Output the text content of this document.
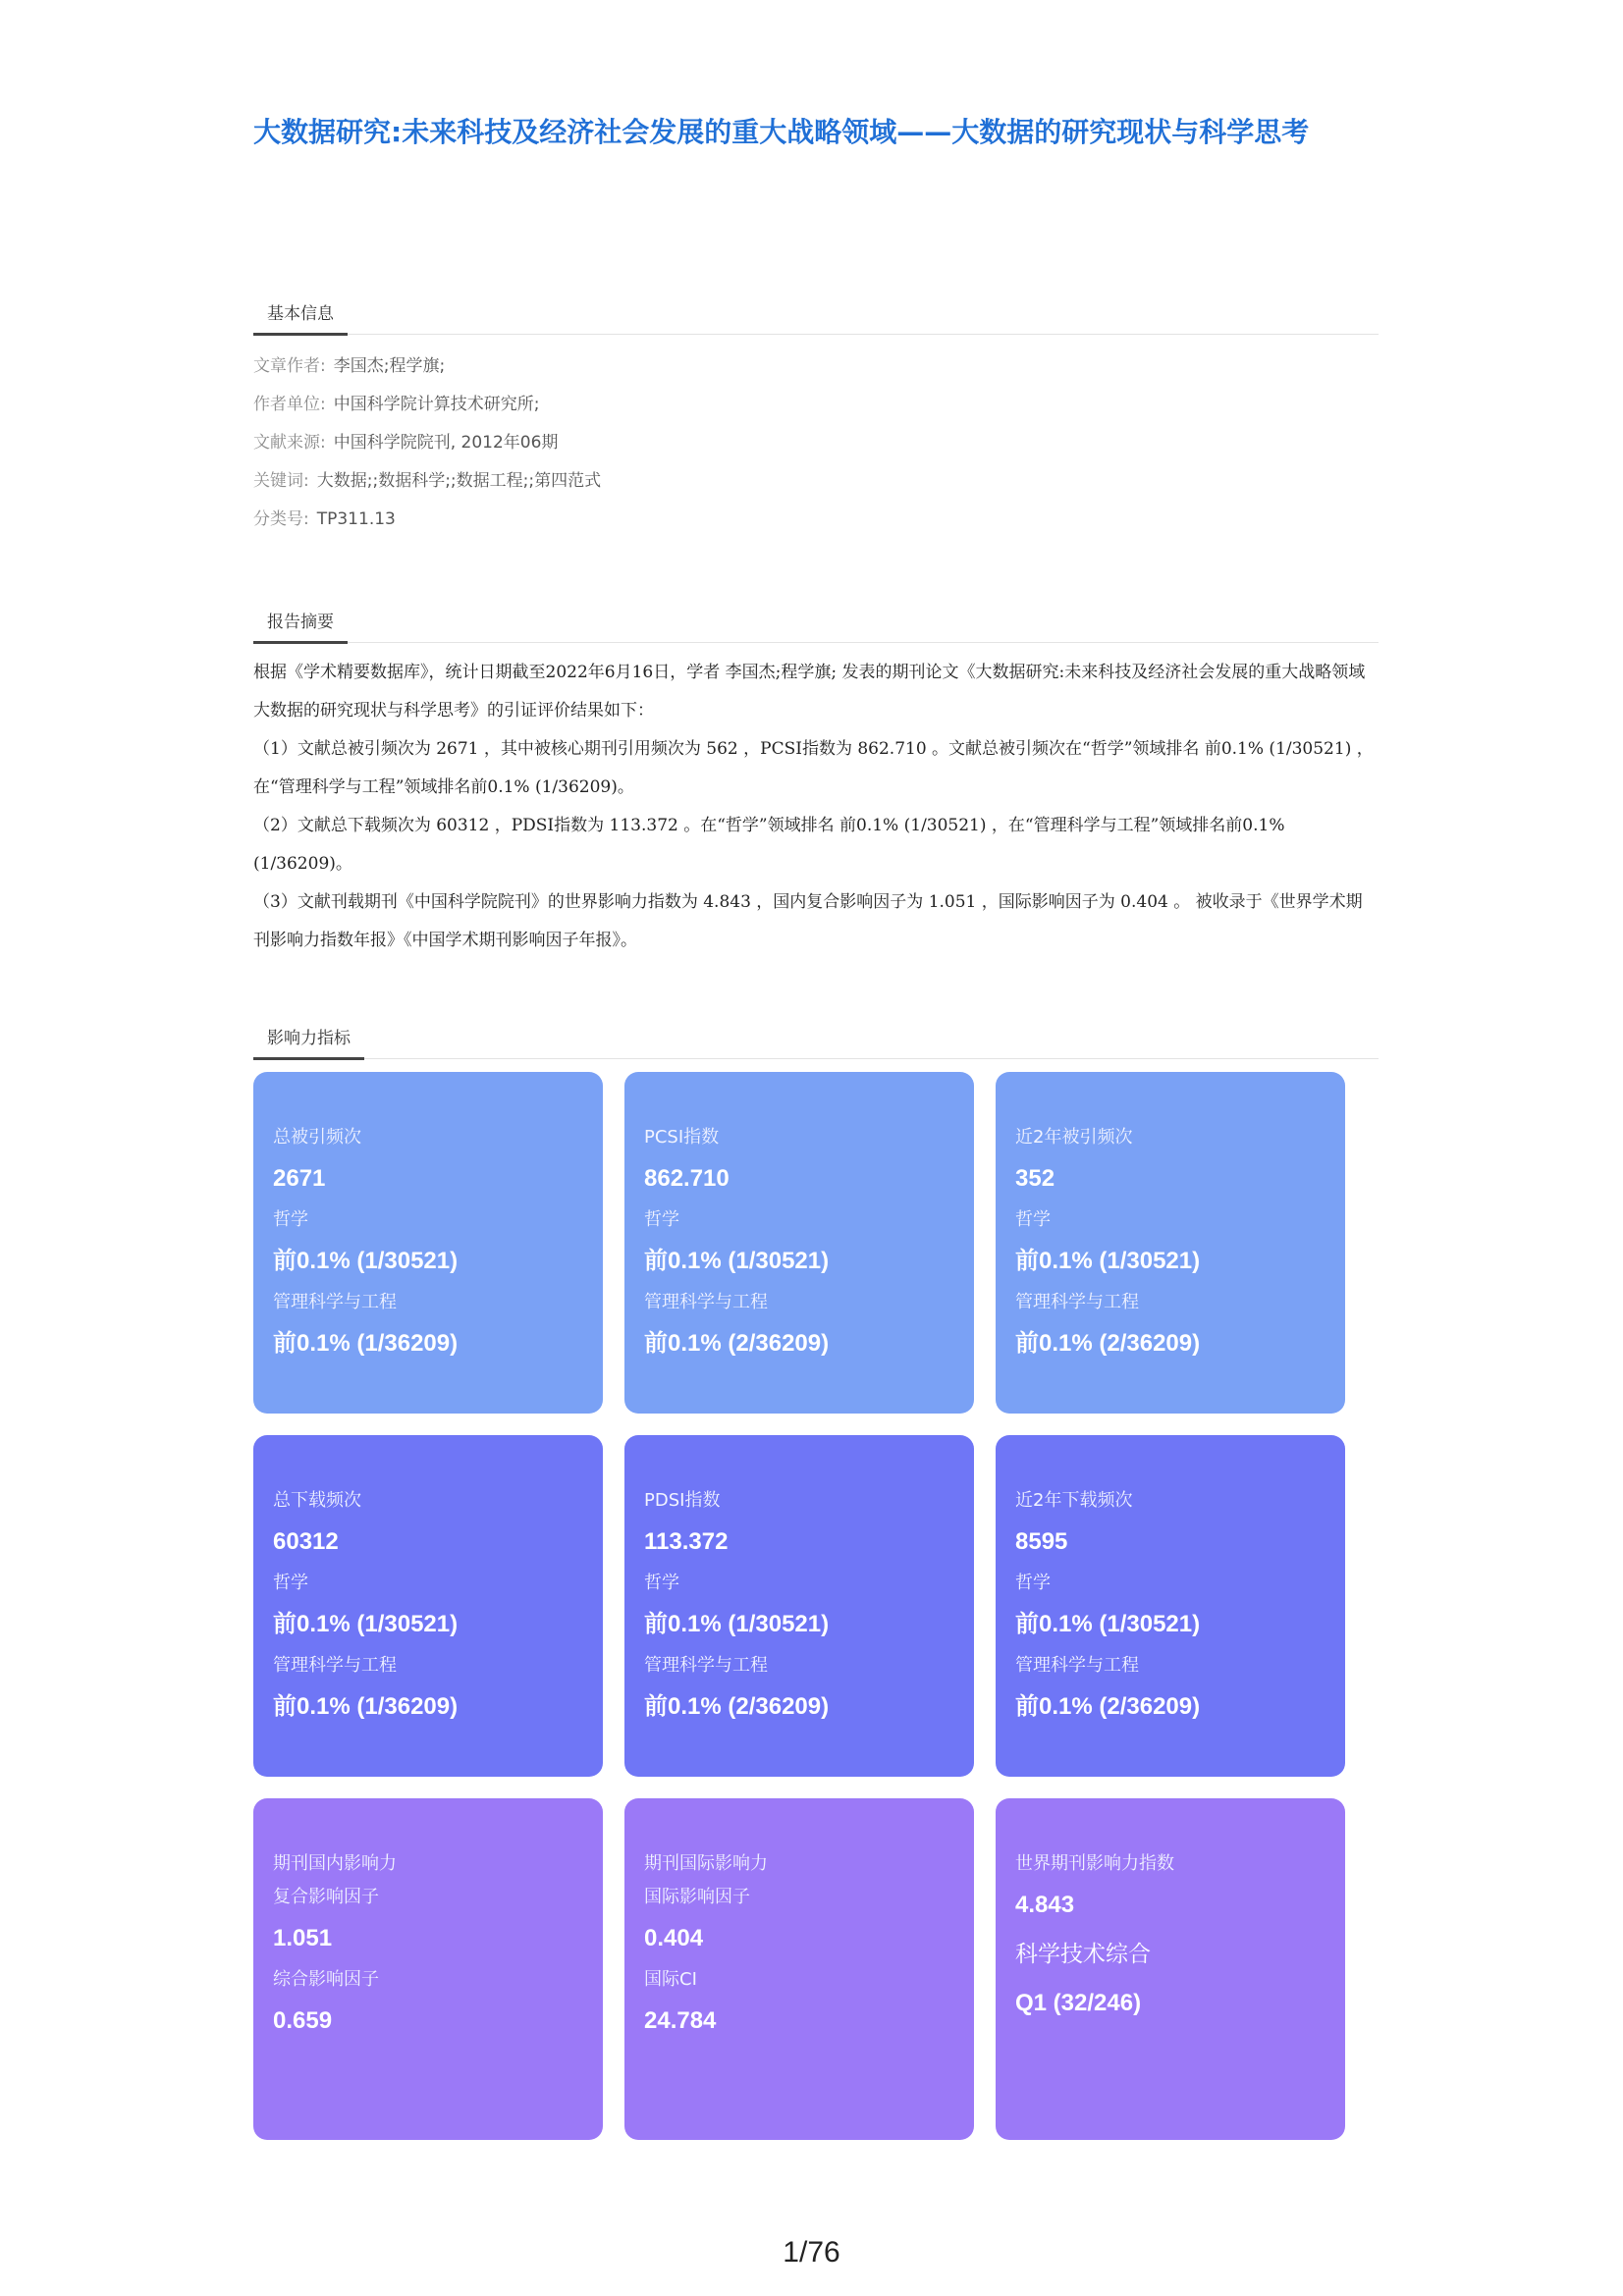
大数据研究:未来科技及经济社会发展的重大战略领域——大数据的研究现状与科学思考
基本信息
文章作者: 李国杰;程学旗;
作者单位: 中国科学院计算技术研究所;
文献来源: 中国科学院院刊, 2012年06期
关键词: 大数据;;数据科学;;数据工程;;第四范式
分类号: TP311.13
报告摘要

根据《学术精要数据库》，统计日期截至2022年6月16日，学者 李国杰;程学旗; 发表的期刊论文《大数据研究:未来科技及经济社会发展的重大战略领域　　大数据的研究现状与科学思考》的引证评价结果如下：

（1）文献总被引频次为 2671 ，其中被核心期刊引用频次为 562 ，PCSI指数为 862.710 。文献总被引频次在“哲学”领域排名 前0.1% (1/30521) ，在“管理科学与工程”领域排名前0.1% (1/36209)。

（2）文献总下载频次为 60312 ，PDSI指数为 113.372 。在“哲学”领域排名 前0.1% (1/30521) ，在“管理科学与工程”领域排名前0.1% (1/36209)。

（3）文献刊载期刊《中国科学院院刊》的世界影响力指数为 4.843 ，国内复合影响因子为 1.051 ，国际影响因子为 0.404 。 被收录于《世界学术期刊影响力指数年报》《中国学术期刊影响因子年报》。

影响力指标
总被引频次
2671
哲学
前0.1% (1/30521)
管理科学与工程
前0.1% (1/36209)
PCSI指数
862.710
哲学
前0.1% (1/30521)
管理科学与工程
前0.1% (2/36209)
近2年被引频次
352
哲学
前0.1% (1/30521)
管理科学与工程
前0.1% (2/36209)
总下载频次
60312
哲学
前0.1% (1/30521)
管理科学与工程
前0.1% (1/36209)
PDSI指数
113.372
哲学
前0.1% (1/30521)
管理科学与工程
前0.1% (2/36209)
近2年下载频次
8595
哲学
前0.1% (1/30521)
管理科学与工程
前0.1% (2/36209)
期刊国内影响力
复合影响因子
1.051
综合影响因子
0.659
期刊国际影响力
国际影响因子
0.404
国际CI
24.784
世界期刊影响力指数
4.843
科学技术综合
Q1 (32/246)
1/76
